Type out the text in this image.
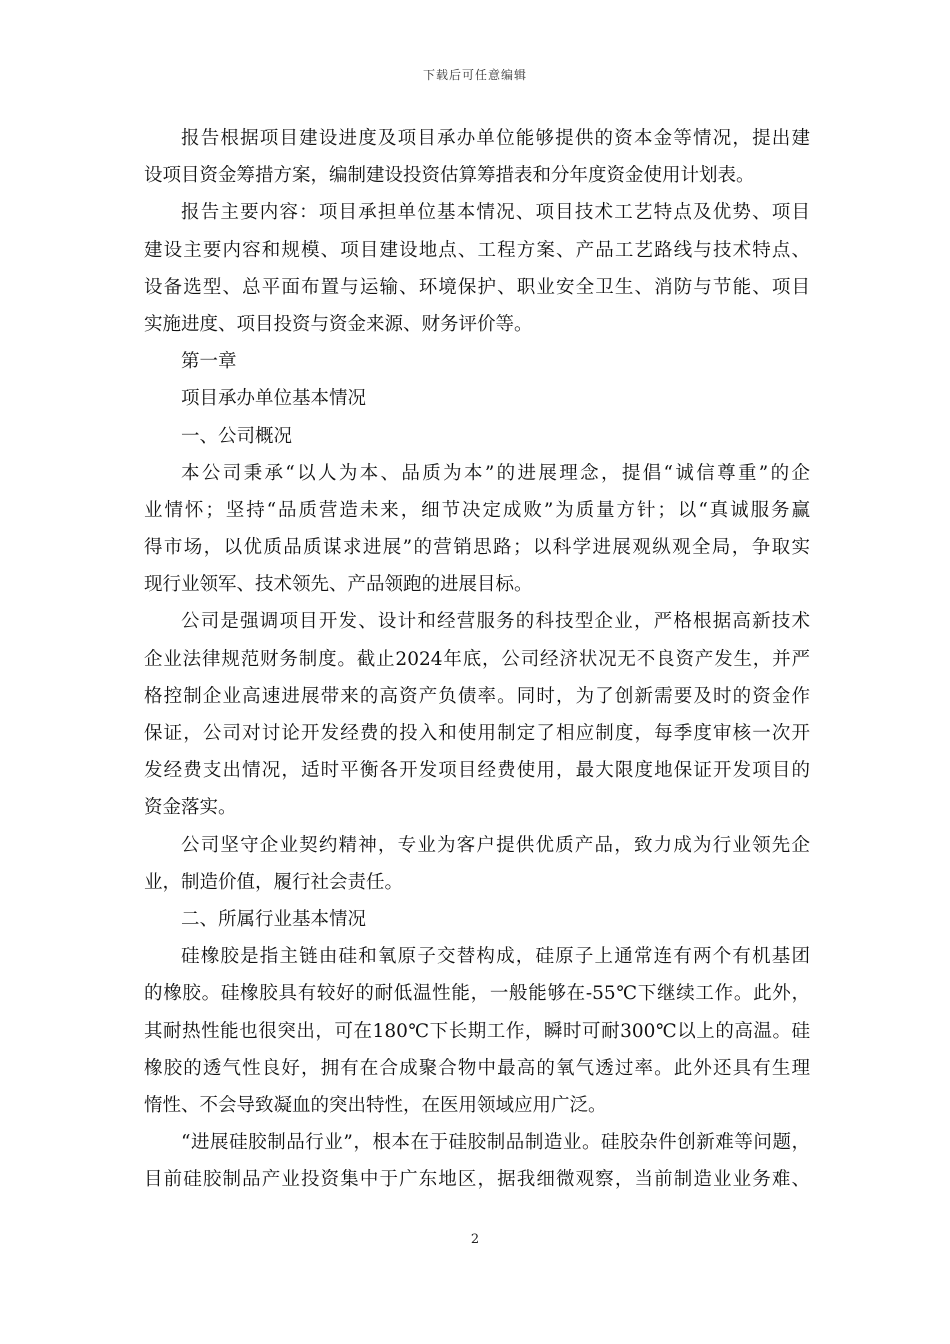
下载后可任意编辑
报告根据项目建设进度及项目承办单位能够提供的资本金等情况，提出建
设项目资金筹措方案，编制建设投资估算筹措表和分年度资金使用计划表。
报告主要内容：项目承担单位基本情况、项目技术工艺特点及优势、项目
建设主要内容和规模、项目建设地点、工程方案、产品工艺路线与技术特点、
设备选型、总平面布置与运输、环境保护、职业安全卫生、消防与节能、项目
实施进度、项目投资与资金来源、财务评价等。
第一章
项目承办单位基本情况
一、公司概况
本公司秉承“以人为本、品质为本”的进展理念，提倡“诚信尊重”的企
业情怀；坚持“品质营造未来，细节决定成败”为质量方针；以“真诚服务赢
得市场，以优质品质谋求进展”的营销思路；以科学进展观纵观全局，争取实
现行业领军、技术领先、产品领跑的进展目标。
公司是强调项目开发、设计和经营服务的科技型企业，严格根据高新技术
企业法律规范财务制度。截止2024年底，公司经济状况无不良资产发生，并严
格控制企业高速进展带来的高资产负债率。同时，为了创新需要及时的资金作
保证，公司对讨论开发经费的投入和使用制定了相应制度，每季度审核一次开
发经费支出情况，适时平衡各开发项目经费使用，最大限度地保证开发项目的
资金落实。
公司坚守企业契约精神，专业为客户提供优质产品，致力成为行业领先企
业，制造价值，履行社会责任。
二、所属行业基本情况
硅橡胶是指主链由硅和氧原子交替构成，硅原子上通常连有两个有机基团
的橡胶。硅橡胶具有较好的耐低温性能，一般能够在-55℃下继续工作。此外，
其耐热性能也很突出，可在180℃下长期工作，瞬时可耐300℃以上的高温。硅
橡胶的透气性良好，拥有在合成聚合物中最高的氧气透过率。此外还具有生理
惰性、不会导致凝血的突出特性，在医用领域应用广泛。
“进展硅胶制品行业”，根本在于硅胶制品制造业。硅胶杂件创新难等问题，
目前硅胶制品产业投资集中于广东地区，据我细微观察，当前制造业业务难、
2
